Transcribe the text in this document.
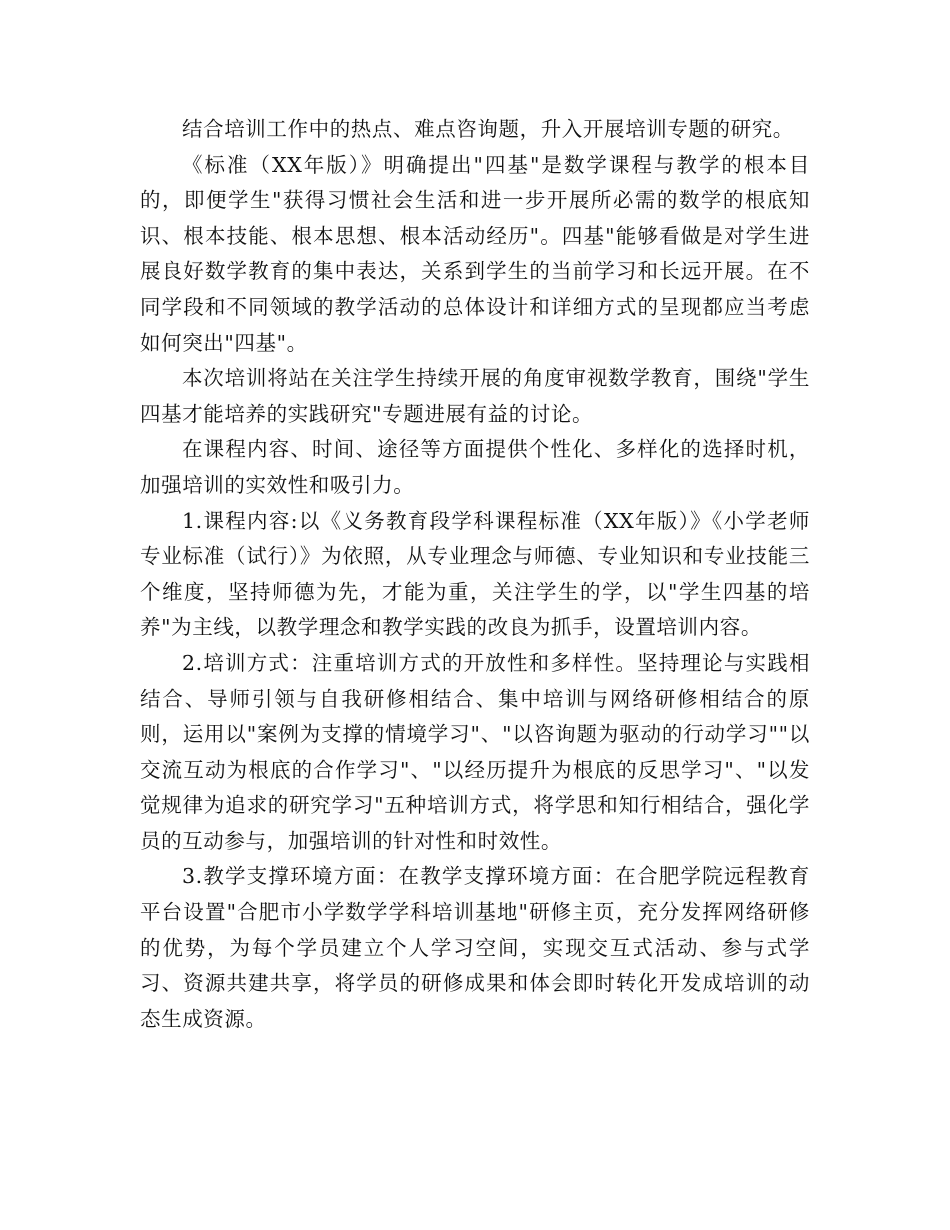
结合培训工作中的热点、难点咨询题，升入开展培训专题的研究。

《标准（XX年版）》明确提出"四基"是数学课程与教学的根本目的，即便学生"获得习惯社会生活和进一步开展所必需的数学的根底知识、根本技能、根本思想、根本活动经历"。四基"能够看做是对学生进展良好数学教育的集中表达，关系到学生的当前学习和长远开展。在不同学段和不同领域的教学活动的总体设计和详细方式的呈现都应当考虑如何突出"四基"。

本次培训将站在关注学生持续开展的角度审视数学教育，围绕"学生四基才能培养的实践研究"专题进展有益的讨论。

在课程内容、时间、途径等方面提供个性化、多样化的选择时机，加强培训的实效性和吸引力。

1.课程内容:以《义务教育段学科课程标准（XX年版）》《小学老师专业标准（试行）》为依照，从专业理念与师德、专业知识和专业技能三个维度，坚持师德为先，才能为重，关注学生的学，以"学生四基的培养"为主线，以教学理念和教学实践的改良为抓手，设置培训内容。

2.培训方式：注重培训方式的开放性和多样性。坚持理论与实践相结合、导师引领与自我研修相结合、集中培训与网络研修相结合的原则，运用以"案例为支撑的情境学习"、"以咨询题为驱动的行动学习""以交流互动为根底的合作学习"、"以经历提升为根底的反思学习"、"以发觉规律为追求的研究学习"五种培训方式，将学思和知行相结合，强化学员的互动参与，加强培训的针对性和时效性。

3.教学支撑环境方面：在教学支撑环境方面：在合肥学院远程教育平台设置"合肥市小学数学学科培训基地"研修主页，充分发挥网络研修的优势，为每个学员建立个人学习空间，实现交互式活动、参与式学习、资源共建共享，将学员的研修成果和体会即时转化开发成培训的动态生成资源。
